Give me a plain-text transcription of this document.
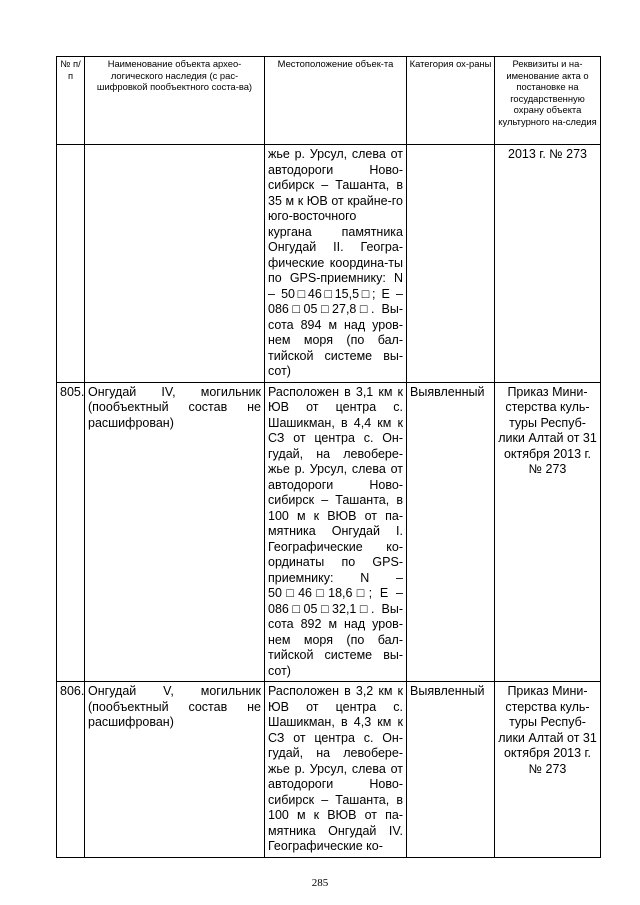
№ п/п	Наименование объекта архео-логического наследия (с рас-шифровкой пообъектного соста-ва)	Местоположение объек-та	Категория ох-раны	Реквизиты и на-именование акта о постановке на государственную охрану объекта культурного на-следия
		жье р. Урсул, слева от автодороги Ново-сибирск – Ташанта, в 35 м к ЮВ от крайне-го юго-восточного кургана памятника Онгудай II. Геогра-фические координа-ты по GPS-приемнику: N – 50□46□15,5□; E – 086□05□27,8□. Вы-сота 894 м над уров-нем моря (по бал-тийской системе вы-сот)		2013 г. № 273
805.	Онгудай IV, могильник (пообъектный состав не расшифрован)	Расположен в 3,1 км к ЮВ от центра с. Шашикман, в 4,4 км к СЗ от центра с. Он-гудай, на левобере-жье р. Урсул, слева от автодороги Ново-сибирск – Ташанта, в 100 м к ВЮВ от па-мятника Онгудай I. Географические ко-ординаты по GPS-приемнику: N – 50□46□18,6□; E – 086□05□32,1□. Вы-сота 892 м над уров-нем моря (по бал-тийской системе вы-сот)	Выявленный	Приказ Мини-стерства куль-туры Респуб-лики Алтай от 31 октября 2013 г. № 273
806.	Онгудай V, могильник (пообъектный состав не расшифрован)	Расположен в 3,2 км к ЮВ от центра с. Шашикман, в 4,3 км к СЗ от центра с. Он-гудай, на левобере-жье р. Урсул, слева от автодороги Ново-сибирск – Ташанта, в 100 м к ВЮВ от па-мятника Онгудай IV. Географические ко-	Выявленный	Приказ Мини-стерства куль-туры Респуб-лики Алтай от 31 октября 2013 г. № 273
285
